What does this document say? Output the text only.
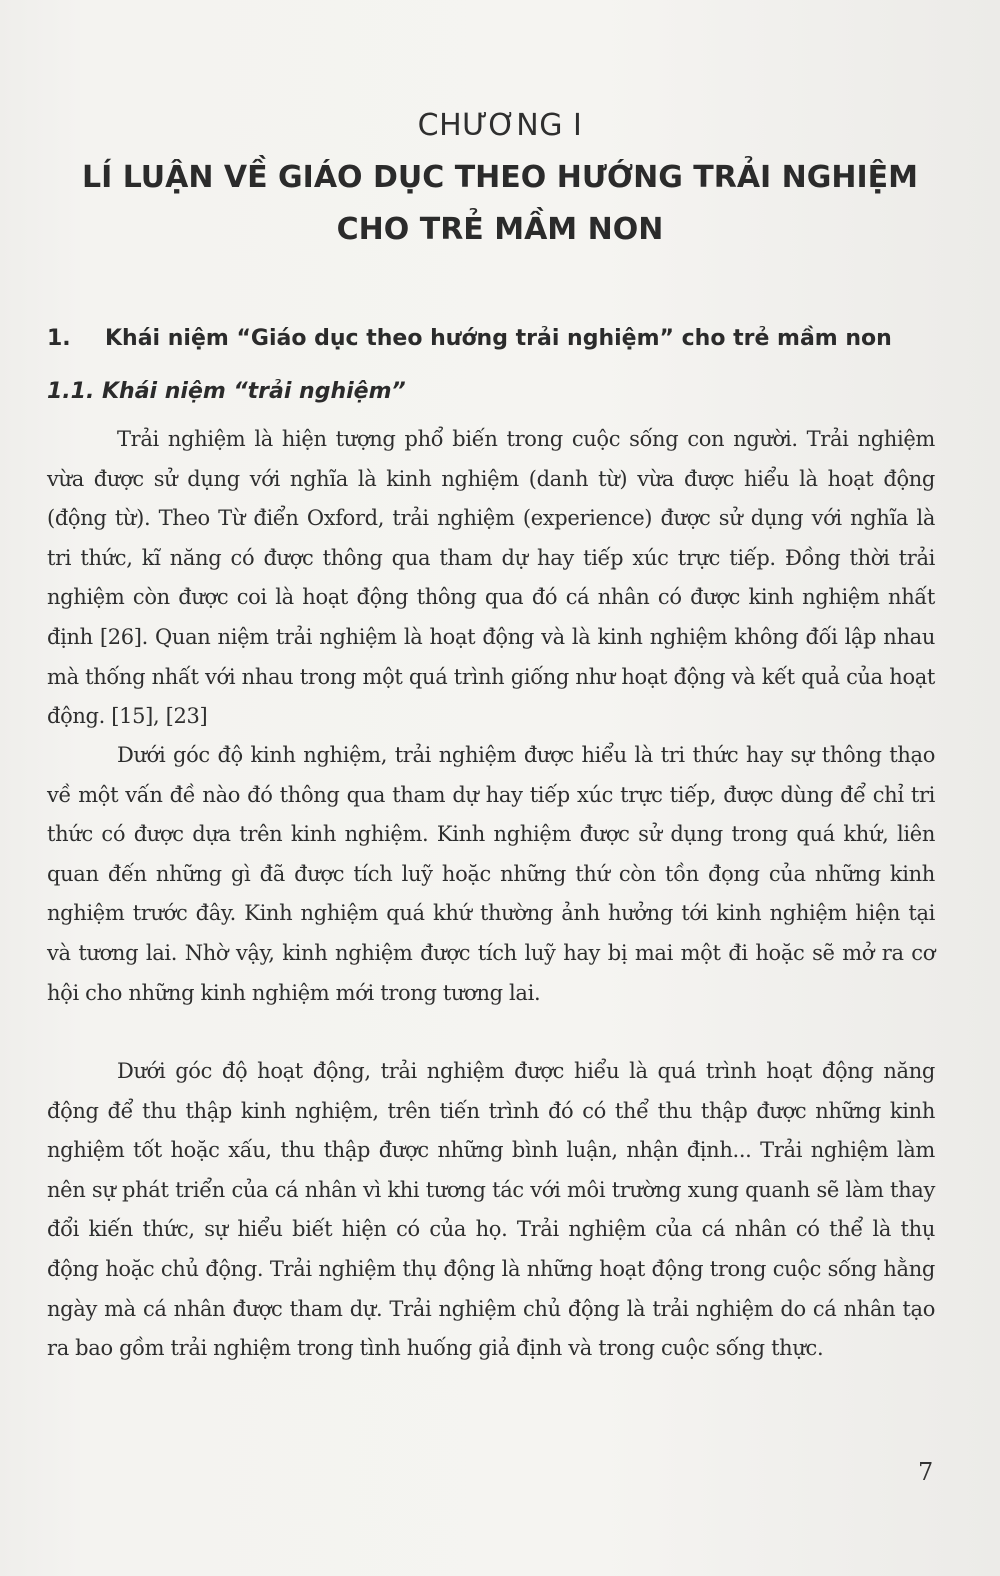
CHƯƠNG I
LÍ LUẬN VỀ GIÁO DỤC THEO HƯỚNG TRẢI NGHIỆM CHO TRẺ MẦM NON
1. Khái niệm “Giáo dục theo hướng trải nghiệm” cho trẻ mầm non
1.1. Khái niệm “trải nghiệm”

Trải nghiệm là hiện tượng phổ biến trong cuộc sống con người. Trải nghiệm vừa được sử dụng với nghĩa là kinh nghiệm (danh từ) vừa được hiểu là hoạt động (động từ). Theo Từ điển Oxford, trải nghiệm (experience) được sử dụng với nghĩa là tri thức, kĩ năng có được thông qua tham dự hay tiếp xúc trực tiếp. Đồng thời trải nghiệm còn được coi là hoạt động thông qua đó cá nhân có được kinh nghiệm nhất định [26]. Quan niệm trải nghiệm là hoạt động và là kinh nghiệm không đối lập nhau mà thống nhất với nhau trong một quá trình giống như hoạt động và kết quả của hoạt động. [15], [23]

Dưới góc độ kinh nghiệm, trải nghiệm được hiểu là tri thức hay sự thông thạo về một vấn đề nào đó thông qua tham dự hay tiếp xúc trực tiếp, được dùng để chỉ tri thức có được dựa trên kinh nghiệm. Kinh nghiệm được sử dụng trong quá khứ, liên quan đến những gì đã được tích luỹ hoặc những thứ còn tồn đọng của những kinh nghiệm trước đây. Kinh nghiệm quá khứ thường ảnh hưởng tới kinh nghiệm hiện tại và tương lai. Nhờ vậy, kinh nghiệm được tích luỹ hay bị mai một đi hoặc sẽ mở ra cơ hội cho những kinh nghiệm mới trong tương lai.

Dưới góc độ hoạt động, trải nghiệm được hiểu là quá trình hoạt động năng động để thu thập kinh nghiệm, trên tiến trình đó có thể thu thập được những kinh nghiệm tốt hoặc xấu, thu thập được những bình luận, nhận định... Trải nghiệm làm nên sự phát triển của cá nhân vì khi tương tác với môi trường xung quanh sẽ làm thay đổi kiến thức, sự hiểu biết hiện có của họ. Trải nghiệm của cá nhân có thể là thụ động hoặc chủ động. Trải nghiệm thụ động là những hoạt động trong cuộc sống hằng ngày mà cá nhân được tham dự. Trải nghiệm chủ động là trải nghiệm do cá nhân tạo ra bao gồm trải nghiệm trong tình huống giả định và trong cuộc sống thực.

7
